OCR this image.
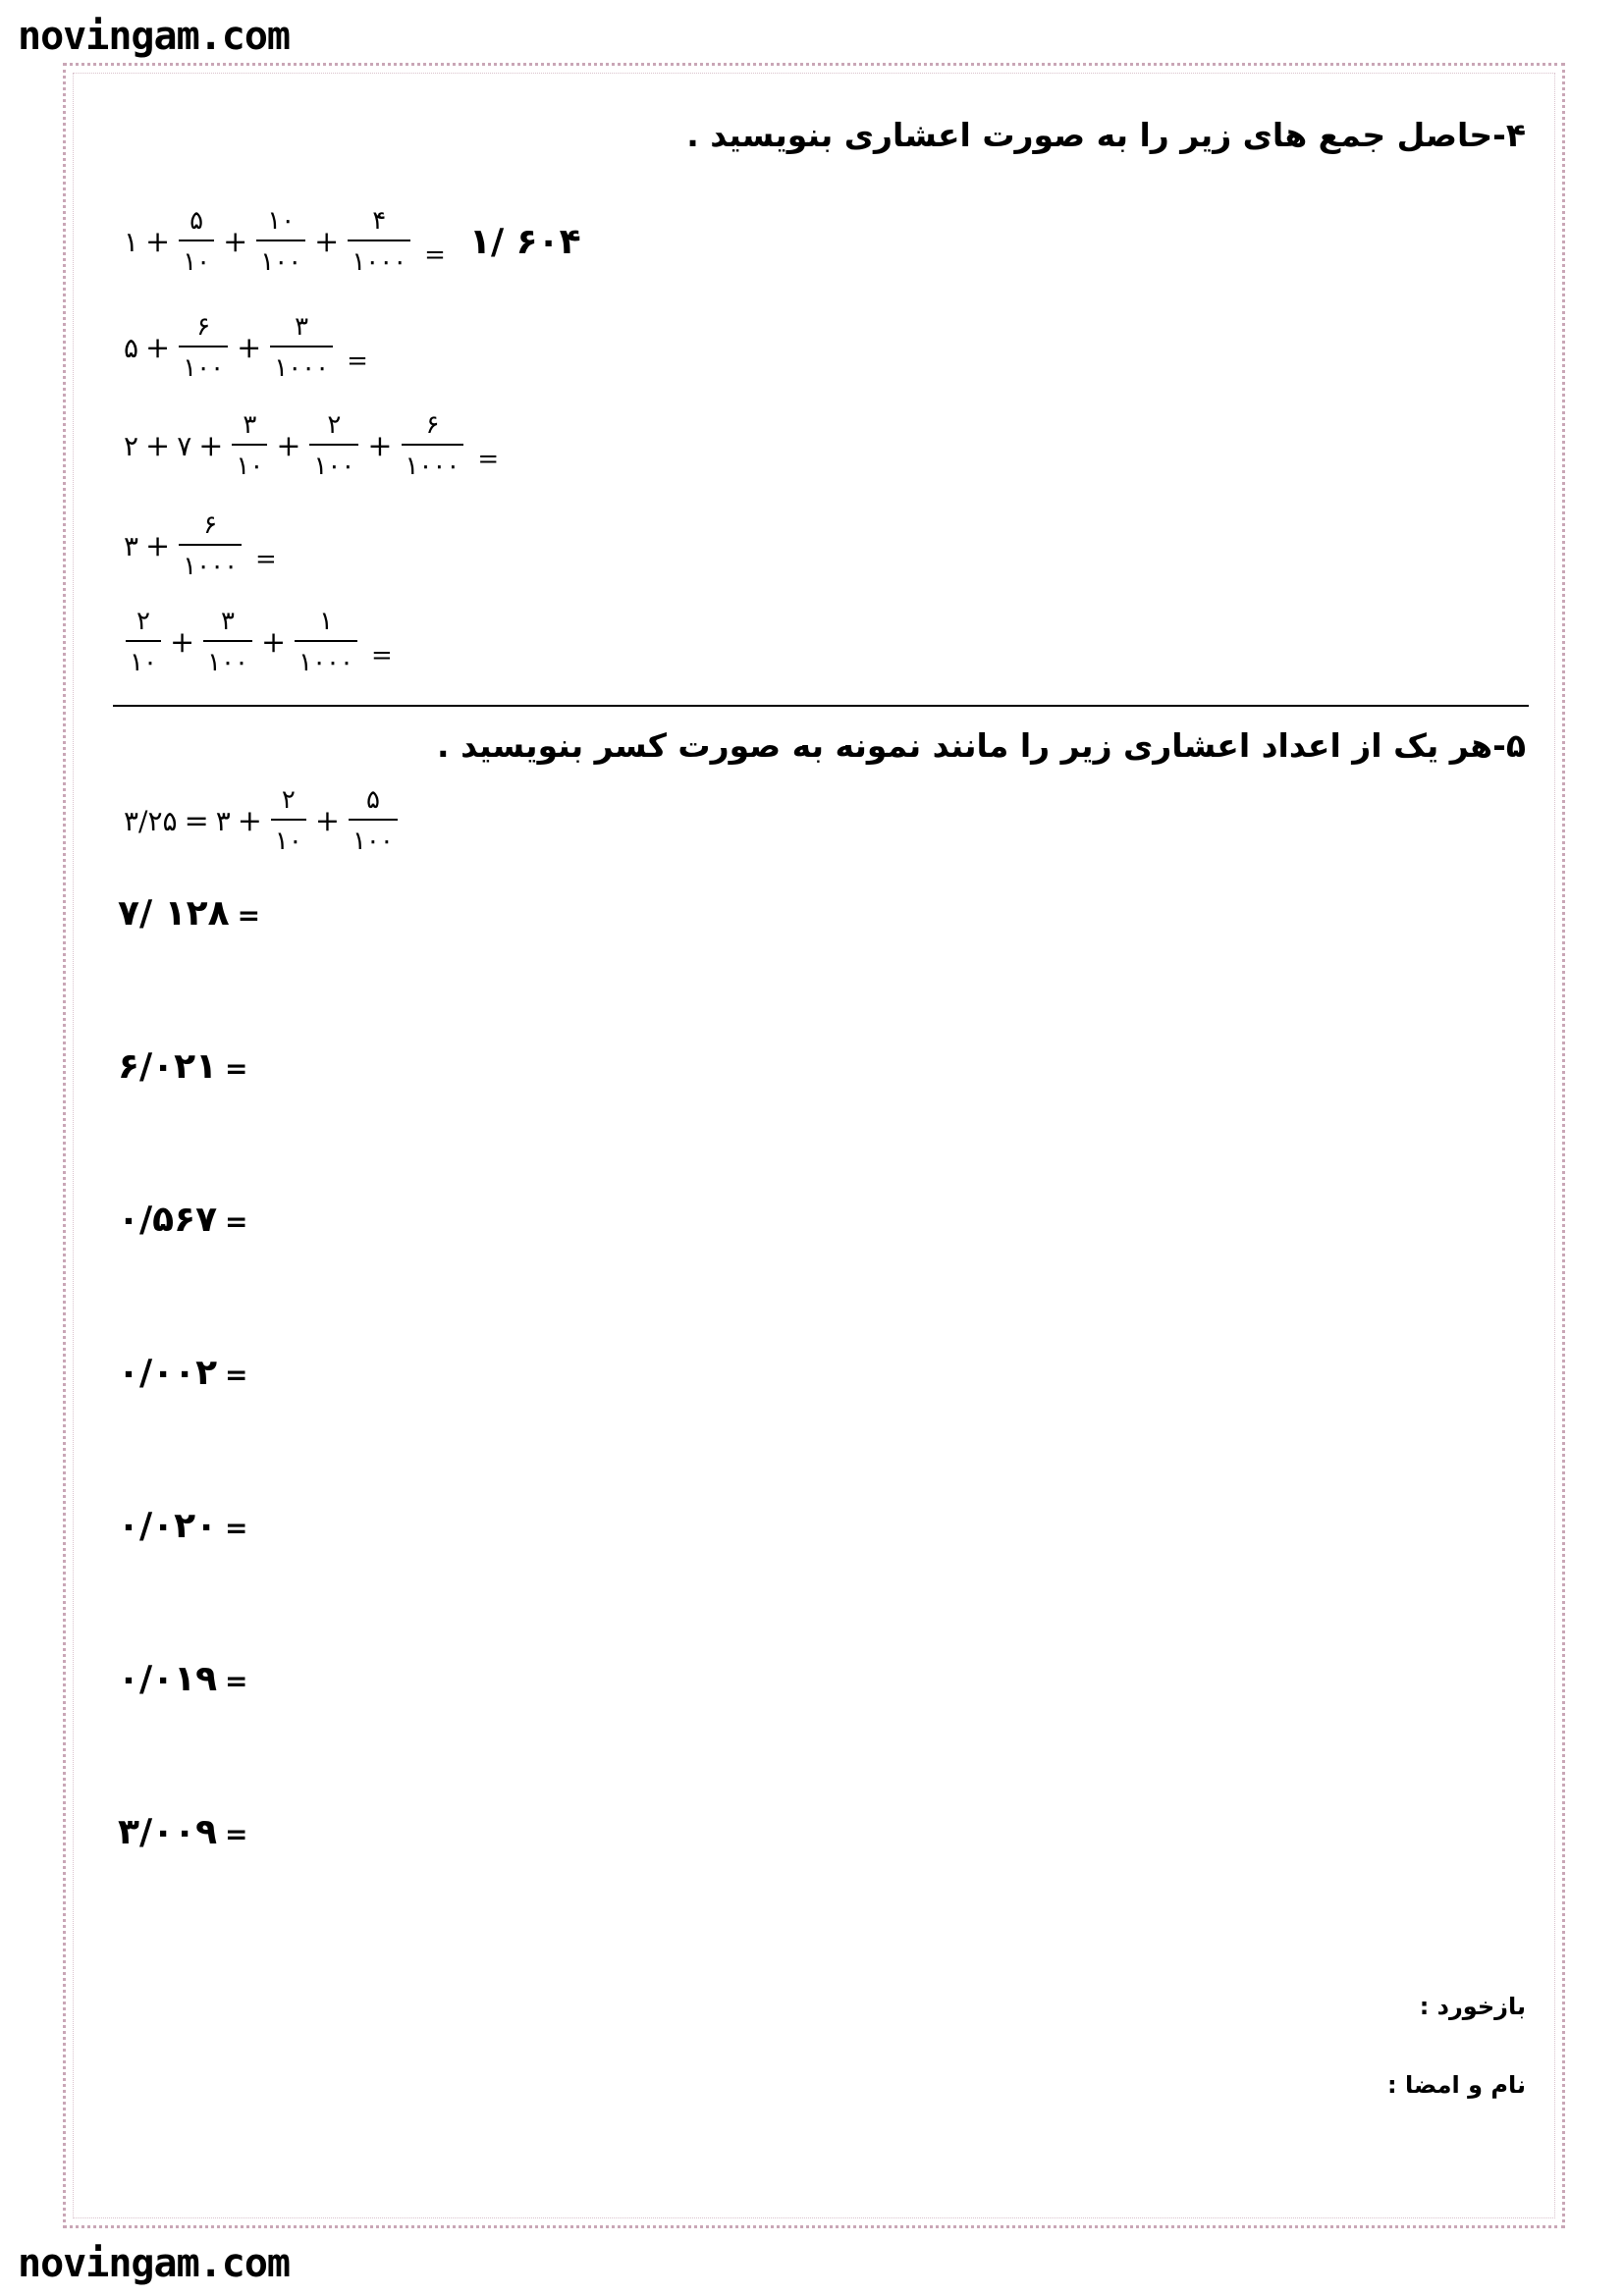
novingam.com
novingam.com
۴-حاصل جمع های زیر را به صورت اعشاری بنویسید .
۱ + $\frac{۵}{۱۰} + \frac{۱۰}{۱۰۰} + \frac{۴}{۱۰۰۰}$ = ۱/ ۶۰۴
۵ + $\frac{۶}{۱۰۰} + \frac{۳}{۱۰۰۰}$ =
۲ + ۷ + $\frac{۳}{۱۰} + \frac{۲}{۱۰۰} + \frac{۶}{۱۰۰۰}$ =
۳ + $\frac{۶}{۱۰۰۰}$ =
$\frac{۲}{۱۰} + \frac{۳}{۱۰۰} + \frac{۱}{۱۰۰۰}$ =
۵-هر یک از اعداد اعشاری زیر را مانند نمونه به صورت کسر بنویسید .
۳/۲۵ = ۳ + $\frac{۲}{۱۰} + \frac{۵}{۱۰۰}$
۷/ ۱۲۸ =
۶/۰۲۱ =
۰/۵۶۷ =
۰/۰۰۲ =
۰/۰۲۰ =
۰/۰۱۹ =
۳/۰۰۹ =
بازخورد :
نام و امضا :
